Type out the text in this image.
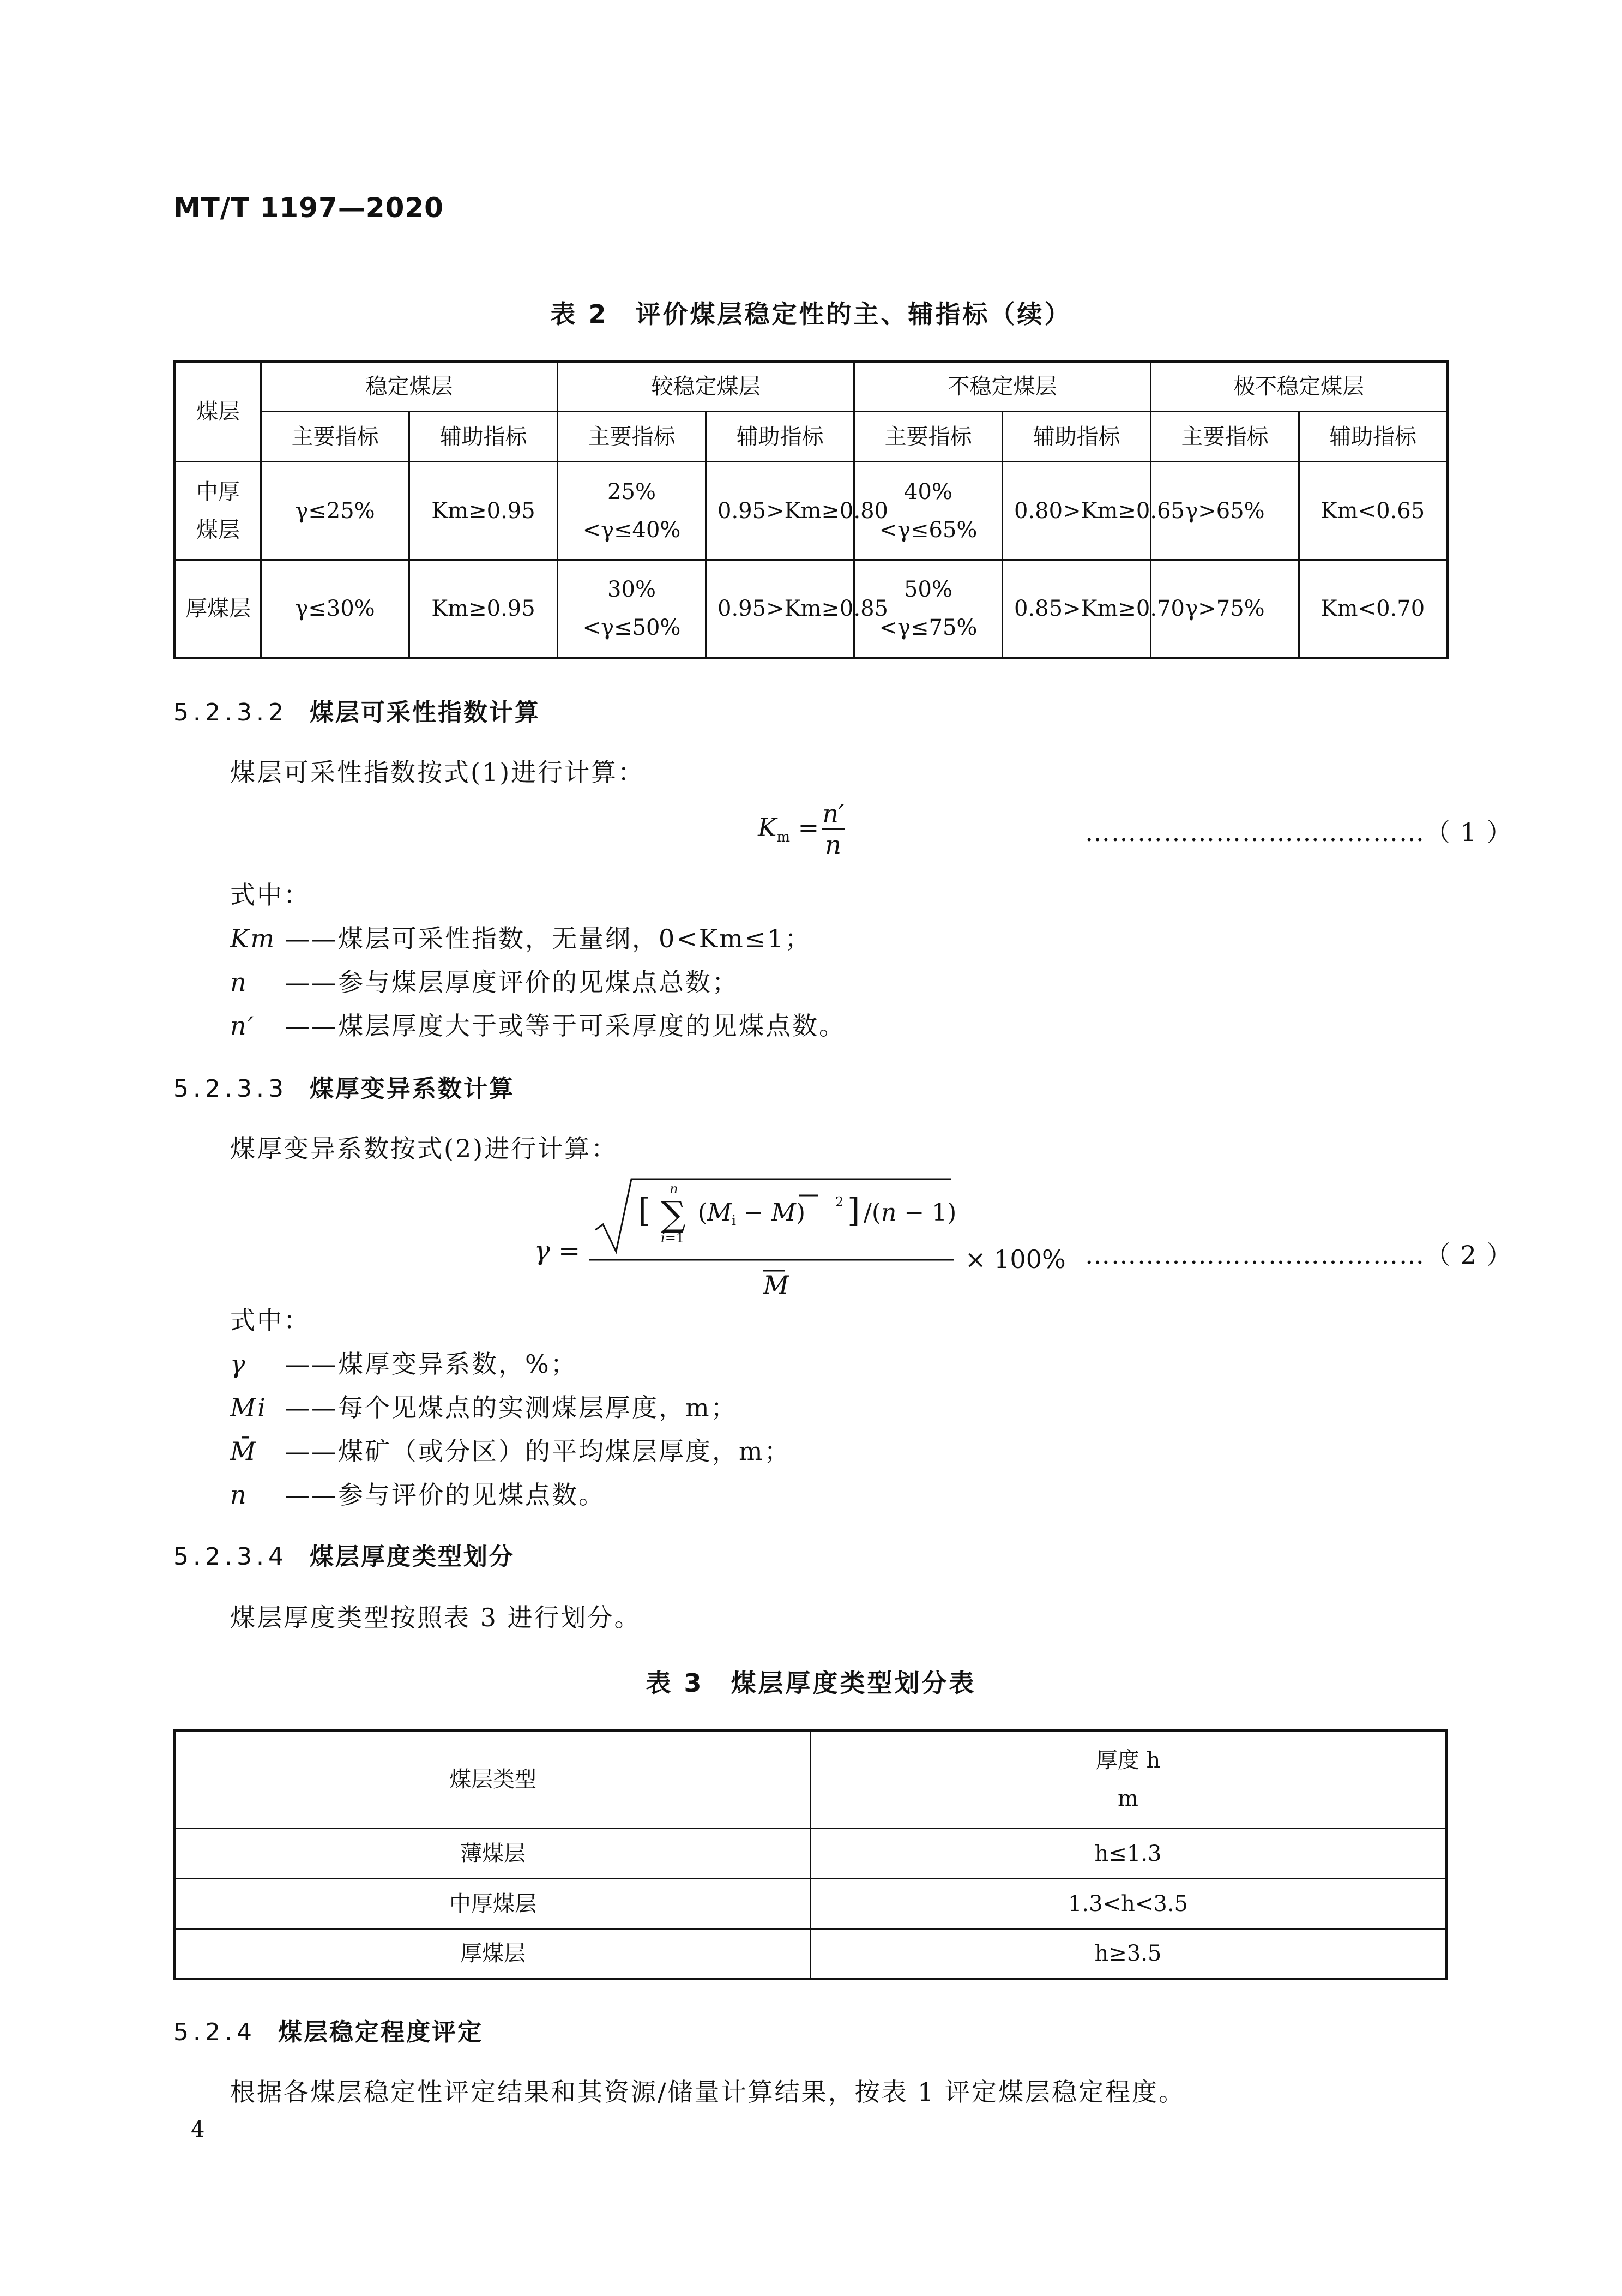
MT/T 1197—2020
表 2　评价煤层稳定性的主、辅指标（续）
煤层	稳定煤层		较稳定煤层		不稳定煤层		极不稳定煤层	
	主要指标	辅助指标	主要指标	辅助指标	主要指标	辅助指标	主要指标	辅助指标
中厚煤层	γ≤25%	Km≥0.95	25%<γ≤40%	0.95>Km≥0.80	40%<γ≤65%	0.80>Km≥0.65	γ>65%	Km<0.65
厚煤层	γ≤30%	Km≥0.95	30%<γ≤50%	0.95>Km≥0.85	50%<γ≤75%	0.85>Km≥0.70	γ>75%	Km<0.70
5.2.3.2 煤层可采性指数计算
煤层可采性指数按式(1)进行计算：
$K_m = \frac{n'}{n}$	…………………………………（ 1 ）
式中：
Km ——煤层可采性指数，无量纲，0<Km≤1；
n ——参与煤层厚度评价的见煤点总数；
n′ ——煤层厚度大于或等于可采厚度的见煤点数。
5.2.3.3 煤厚变异系数计算
煤厚变异系数按式(2)进行计算：
γ =
[ ∑
n
i=1
(Mi − M) 2 ] /(n − 1)
M
× 100% …………………………………（ 2 ）
式中：
γ ——煤厚变异系数，%；
Mi ——每个见煤点的实测煤层厚度，m；
M̄ ——煤矿（或分区）的平均煤层厚度，m；
n ——参与评价的见煤点数。
5.2.3.4 煤层厚度类型划分
煤层厚度类型按照表 3 进行划分。
表 3　煤层厚度类型划分表
煤层类型	厚度 h
m

薄煤层	h≤1.3
中厚煤层	1.3<h<3.5
厚煤层	h≥3.5
5.2.4 煤层稳定程度评定
根据各煤层稳定性评定结果和其资源/储量计算结果，按表 1 评定煤层稳定程度。
4
